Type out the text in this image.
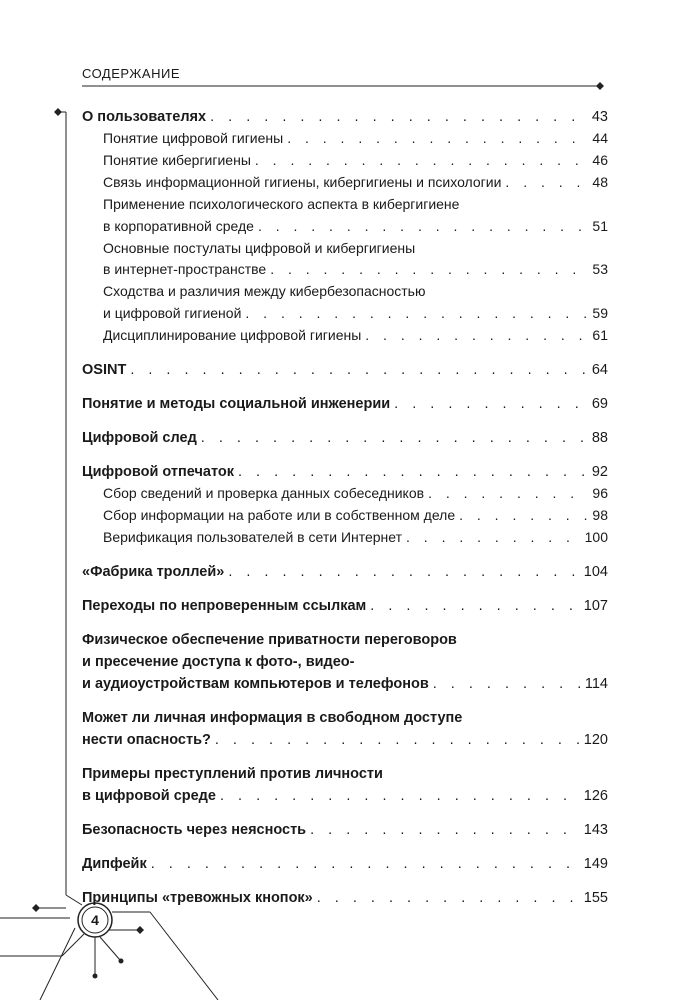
СОДЕРЖАНИЕ
О пользователях . . .	43
Понятие цифровой гигиены . . .	44
Понятие кибергигиены . . .	46
Связь информационной гигиены, кибергигиены и психологии . . .	48
Применение психологического аспекта в кибергигиене
в корпоративной среде . . .	51
Основные постулаты цифровой и кибергигиены
в интернет-пространстве . . .	53
Сходства и различия между кибербезопасностью
и цифровой гигиеной . . .	59
Дисциплинирование цифровой гигиены . . .	61
OSINT . . .	64
Понятие и методы социальной инженерии . . .	69
Цифровой след . . .	88
Цифровой отпечаток . . .	92
Сбор сведений и проверка данных собеседников . . .	96
Сбор информации на работе или в собственном деле . . .	98
Верификация пользователей в сети Интернет . . .	100
«Фабрика троллей» . . .	104
Переходы по непроверенным ссылкам . . .	107
Физическое обеспечение приватности переговоров
и пресечение доступа к фото-, видео-
и аудиоустройствам компьютеров и телефонов . . .	114
Может ли личная информация в свободном доступе
нести опасность? . . .	120
Примеры преступлений против личности
в цифровой среде . . .	126
Безопасность через неясность . . .	143
Дипфейк . . .	149
Принципы «тревожных кнопок» . . .	155
4
